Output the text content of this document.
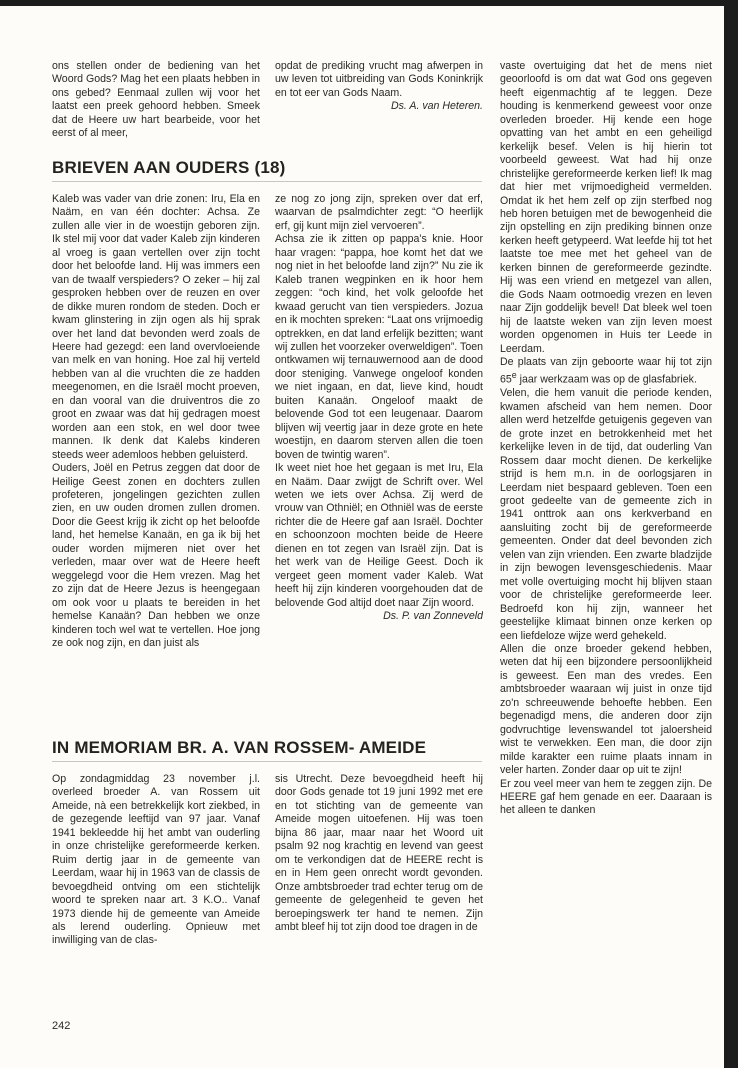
ons stellen onder de bediening van het Woord Gods? Mag het een plaats hebben in ons gebed? Eenmaal zullen wij voor het laatst een preek gehoord hebben. Smeek dat de Heere uw hart bearbeide, voor het eerst of al meer,

opdat de prediking vrucht mag afwerpen in uw leven tot uitbreiding van Gods Koninkrijk en tot eer van Gods Naam.

Ds. A. van Heteren.

BRIEVEN AAN OUDERS (18)

Kaleb was vader van drie zonen: Iru, Ela en Naäm, en van één dochter: Achsa. Ze zullen alle vier in de woestijn geboren zijn. Ik stel mij voor dat vader Kaleb zijn kinderen al vroeg is gaan vertellen over zijn tocht door het beloofde land. Hij was immers een van de twaalf verspieders? O zeker – hij zal gesproken hebben over de reuzen en over de dikke muren rondom de steden. Doch er kwam glinstering in zijn ogen als hij sprak over het land dat bevonden werd zoals de Heere had gezegd: een land overvloeiende van melk en van honing. Hoe zal hij verteld hebben van al die vruchten die ze hadden meegenomen, en die Israël mocht proeven, en dan vooral van die druiventros die zo groot en zwaar was dat hij gedragen moest worden aan een stok, en wel door twee mannen. Ik denk dat Kalebs kinderen steeds weer ademloos hebben geluisterd.

Ouders, Joël en Petrus zeggen dat door de Heilige Geest zonen en dochters zullen profeteren, jongelingen gezichten zullen zien, en uw ouden dromen zullen dromen. Door die Geest krijg ik zicht op het beloofde land, het hemelse Kanaän, en ga ik bij het ouder worden mijmeren niet over het verleden, maar over wat de Heere heeft weggelegd voor die Hem vrezen. Mag het zo zijn dat de Heere Jezus is heengegaan om ook voor u plaats te bereiden in het hemelse Kanaän? Dan hebben we onze kinderen toch wel wat te vertellen. Hoe jong ze ook nog zijn, en dan juist als

ze nog zo jong zijn, spreken over dat erf, waarvan de psalmdichter zegt: “O heerlijk erf, gij kunt mijn ziel vervoeren”.

Achsa zie ik zitten op pappa's knie. Hoor haar vragen: “pappa, hoe komt het dat we nog niet in het beloofde land zijn?” Nu zie ik Kaleb tranen wegpinken en ik hoor hem zeggen: “och kind, het volk geloofde het kwaad gerucht van tien verspieders. Jozua en ik mochten spreken: “Laat ons vrijmoedig optrekken, en dat land erfelijk bezitten; want wij zullen het voorzeker overweldigen”. Toen ontkwamen wij ternauwernood aan de dood door steniging. Vanwege ongeloof konden we niet ingaan, en dat, lieve kind, houdt buiten Kanaän. Ongeloof maakt de belovende God tot een leugenaar. Daarom blijven wij veertig jaar in deze grote en hete woestijn, en daarom sterven allen die toen boven de twintig waren”.

Ik weet niet hoe het gegaan is met Iru, Ela en Naäm. Daar zwijgt de Schrift over. Wel weten we iets over Achsa. Zij werd de vrouw van Othniël; en Othniël was de eerste richter die de Heere gaf aan Israël. Dochter en schoonzoon mochten beide de Heere dienen en tot zegen van Israël zijn. Dat is het werk van de Heilige Geest. Doch ik vergeet geen moment vader Kaleb. Wat heeft hij zijn kinderen voorgehouden dat de belovende God altijd doet naar Zijn woord.

Ds. P. van Zonneveld

IN MEMORIAM BR. A. VAN ROSSEM- AMEIDE

Op zondagmiddag 23 november j.l. overleed broeder A. van Rossem uit Ameide, nà een betrekkelijk kort ziekbed, in de gezegende leeftijd van 97 jaar. Vanaf 1941 bekleedde hij het ambt van ouderling in onze christelijke gereformeerde kerken. Ruim dertig jaar in de gemeente van Leerdam, waar hij in 1963 van de classis de bevoegdheid ontving om een stichtelijk woord te spreken naar art. 3 K.O.. Vanaf 1973 diende hij de gemeente van Ameide als lerend ouderling. Opnieuw met inwilliging van de clas-

sis Utrecht. Deze bevoegdheid heeft hij door Gods genade tot 19 juni 1992 met ere en tot stichting van de gemeente van Ameide mogen uitoefenen. Hij was toen bijna 86 jaar, maar naar het Woord uit psalm 92 nog krachtig en levend van geest om te verkondigen dat de HEERE recht is en in Hem geen onrecht wordt gevonden. Onze ambtsbroeder trad echter terug om de gemeente de gelegenheid te geven het beroepingswerk ter hand te nemen. Zijn ambt bleef hij tot zijn dood toe dragen in de

vaste overtuiging dat het de mens niet geoorloofd is om dat wat God ons gegeven heeft eigenmachtig af te leggen. Deze houding is kenmerkend geweest voor onze overleden broeder. Hij kende een hoge opvatting van het ambt en een geheiligd kerkelijk besef. Velen is hij hierin tot voorbeeld geweest. Wat had hij onze christelijke gereformeerde kerken lief! Ik mag dat hier met vrijmoedigheid vermelden. Omdat ik het hem zelf op zijn sterfbed nog heb horen betuigen met de bewogenheid die zijn opstelling en zijn prediking binnen onze kerken heeft getypeerd. Wat leefde hij tot het laatste toe mee met het geheel van de kerken binnen de gereformeerde gezindte. Hij was een vriend en metgezel van allen, die Gods Naam ootmoedig vrezen en leven naar Zijn goddelijk bevel! Dat bleek wel toen hij de laatste weken van zijn leven moest worden opgenomen in Huis ter Leede in Leerdam.

De plaats van zijn geboorte waar hij tot zijn 65e jaar werkzaam was op de glasfabriek.

Velen, die hem vanuit die periode kenden, kwamen afscheid van hem nemen. Door allen werd hetzelfde getuigenis gegeven van de grote inzet en betrokkenheid met het kerkelijke leven in de tijd, dat ouderling Van Rossem daar mocht dienen. De kerkelijke strijd is hem m.n. in de oorlogsjaren in Leerdam niet bespaard gebleven. Toen een groot gedeelte van de gemeente zich in 1941 onttrok aan ons kerkverband en aansluiting zocht bij de gereformeerde gemeenten. Onder dat deel bevonden zich velen van zijn vrienden. Een zwarte bladzijde in zijn bewogen levensgeschiedenis. Maar met volle overtuiging mocht hij blijven staan voor de christelijke gereformeerde leer. Bedroefd kon hij zijn, wanneer het geestelijke klimaat binnen onze kerken op een liefdeloze wijze werd gehekeld.

Allen die onze broeder gekend hebben, weten dat hij een bijzondere persoonlijkheid is geweest. Een man des vredes. Een ambtsbroeder waaraan wij juist in onze tijd zo'n schreeuwende behoefte hebben. Een begenadigd mens, die anderen door zijn godvruchtige levenswandel tot jaloersheid wist te verwekken. Een man, die door zijn milde karakter een ruime plaats innam in veler harten. Zonder daar op uit te zijn!

Er zou veel meer van hem te zeggen zijn. De HEERE gaf hem genade en eer. Daaraan is het alleen te danken

242
